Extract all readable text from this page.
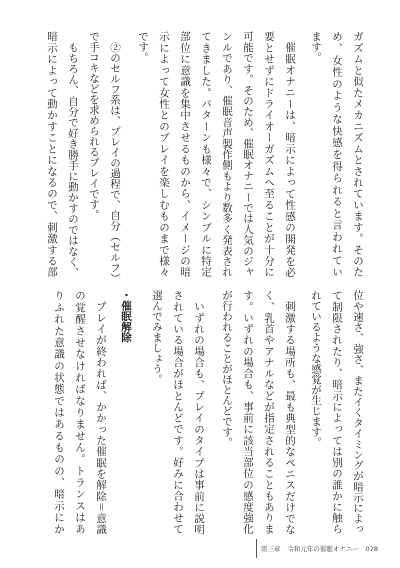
ガズムと似たメカニズムとされています。そのた
め、女性のような快感を得られると言われてい
ます。
催眠オナニーは、暗示によって性感の開発を必
要とせずにドライオーガズムへ至ることが十分に
可能です。そのため、催眠オナニーでは人気のジャ
ンルであり、催眠音声製作側もより数多く発表され
てきました。パターンも様々で、シンプルに特定
部位に意識を集中させるものから、イメージの暗
示によって女性とのプレイを楽しむものまで様々
です。
②のセルフ系は、プレイの過程で、自分（セルフ）
で手コキなどを求められるプレイです。
もちろん、自分で好き勝手に動かすのではなく、
暗示によって動かすことになるので、刺激する部
位や速さ、強さ、またイくタイミングが暗示によっ
て制限されたり、暗示によっては別の誰かに触ら
れているような感覚が生じます。
刺激する場所も、最も典型的なペニスだけでな
く、乳首やアナルなどが指定されることもありま
す。いずれの場合も、事前に該当部位の感度強化
が行われることがほとんどです。
いずれの場合も、プレイのタイプは事前に説明
されている場合がほとんどです。好みに合わせて
選んでみましょう。
・催眠解除
プレイが終われば、かかった催眠を解除＝意識
の覚醒させなければなりません。トランスはあ
りふれた意識の状態ではあるものの、暗示にか
第三章 令和元年の催眠オナニー 078
